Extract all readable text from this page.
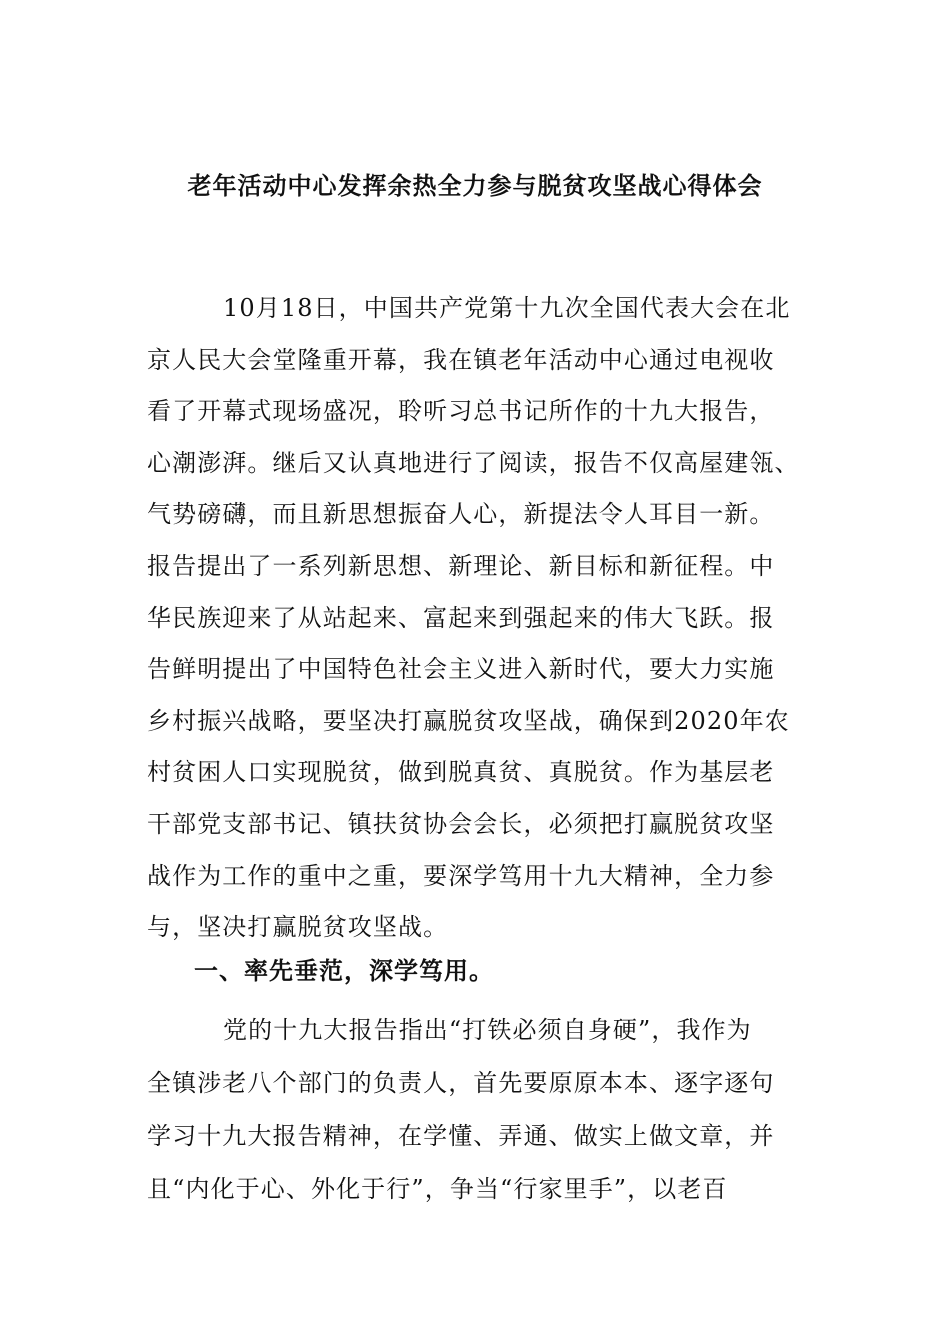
老年活动中心发挥余热全力参与脱贫攻坚战心得体会
10月18日，中国共产党第十九次全国代表大会在北
京人民大会堂隆重开幕，我在镇老年活动中心通过电视收
看了开幕式现场盛况，聆听习总书记所作的十九大报告，
心潮澎湃。继后又认真地进行了阅读，报告不仅高屋建瓴、
气势磅礴，而且新思想振奋人心，新提法令人耳目一新。
报告提出了一系列新思想、新理论、新目标和新征程。中
华民族迎来了从站起来、富起来到强起来的伟大飞跃。报
告鲜明提出了中国特色社会主义进入新时代，要大力实施
乡村振兴战略，要坚决打赢脱贫攻坚战，确保到2020年农
村贫困人口实现脱贫，做到脱真贫、真脱贫。作为基层老
干部党支部书记、镇扶贫协会会长，必须把打赢脱贫攻坚
战作为工作的重中之重，要深学笃用十九大精神，全力参
与，坚决打赢脱贫攻坚战。
一、率先垂范，深学笃用。
党的十九大报告指出“打铁必须自身硬”，我作为
全镇涉老八个部门的负责人，首先要原原本本、逐字逐句
学习十九大报告精神，在学懂、弄通、做实上做文章，并
且“内化于心、外化于行”，争当“行家里手”，以老百
